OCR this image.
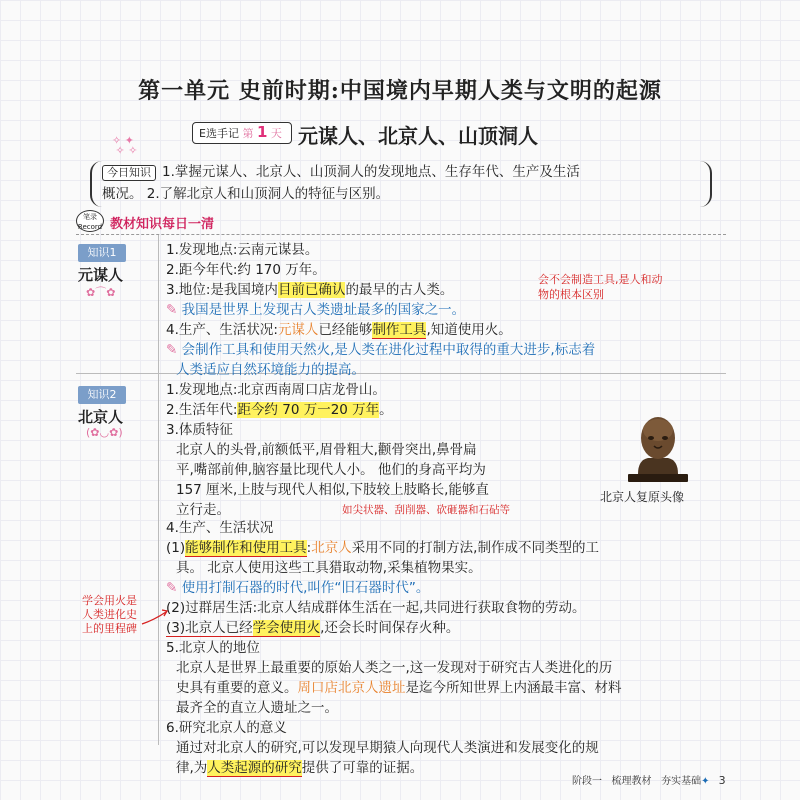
第一单元 史前时期:中国境内早期人类与文明的起源
E选手记 第 1 天 元谋人、北京人、山顶洞人
✧ ✦
✧ ✧
今日知识 1.掌握元谋人、北京人、山顶洞人的发现地点、生存年代、生产及生活
概况。 2.了解北京人和山顶洞人的特征与区别。
笔录
Record 教材知识每日一清
知识1
元谋人
✿⌒✿
1.发现地点:云南元谋县。
2.距今年代:约 170 万年。
3.地位:是我国境内目前已确认的最早的古人类。
✎ 我国是世界上发现古人类遗址最多的国家之一。
4.生产、生活状况:元谋人已经能够制作工具,知道使用火。
✎ 会制作工具和使用天然火,是人类在进化过程中取得的重大进步,标志着
人类适应自然环境能力的提高。
会不会制造工具,是人和动
物的根本区别
知识2
北京人
(✿◡✿)
1.发现地点:北京西南周口店龙骨山。
2.生活年代:距今约 70 万一20 万年。
3.体质特征
北京人的头骨,前额低平,眉骨粗大,颧骨突出,鼻骨扁
平,嘴部前伸,脑容量比现代人小。 他们的身高平均为
157 厘米,上肢与现代人相似,下肢较上肢略长,能够直
立行走。
北京人复原头像
如尖状器、刮削器、砍砸器和石砧等
4.生产、生活状况
(1)能够制作和使用工具:北京人采用不同的打制方法,制作成不同类型的工
具。 北京人使用这些工具猎取动物,采集植物果实。
✎ 使用打制石器的时代,叫作“旧石器时代”。
(2)过群居生活:北京人结成群体生活在一起,共同进行获取食物的劳动。
(3)北京人已经学会使用火,还会长时间保存火种。
学会用火是
人类进化史
上的里程碑
5.北京人的地位
北京人是世界上最重要的原始人类之一,这一发现对于研究古人类进化的历
史具有重要的意义。周口店北京人遗址是迄今所知世界上内涵最丰富、材料
最齐全的直立人遗址之一。
6.研究北京人的意义
通过对北京人的研究,可以发现早期猿人向现代人类演进和发展变化的规
律,为人类起源的研究提供了可靠的证据。
阶段一 梳理教材 夯实基础✦ 3
